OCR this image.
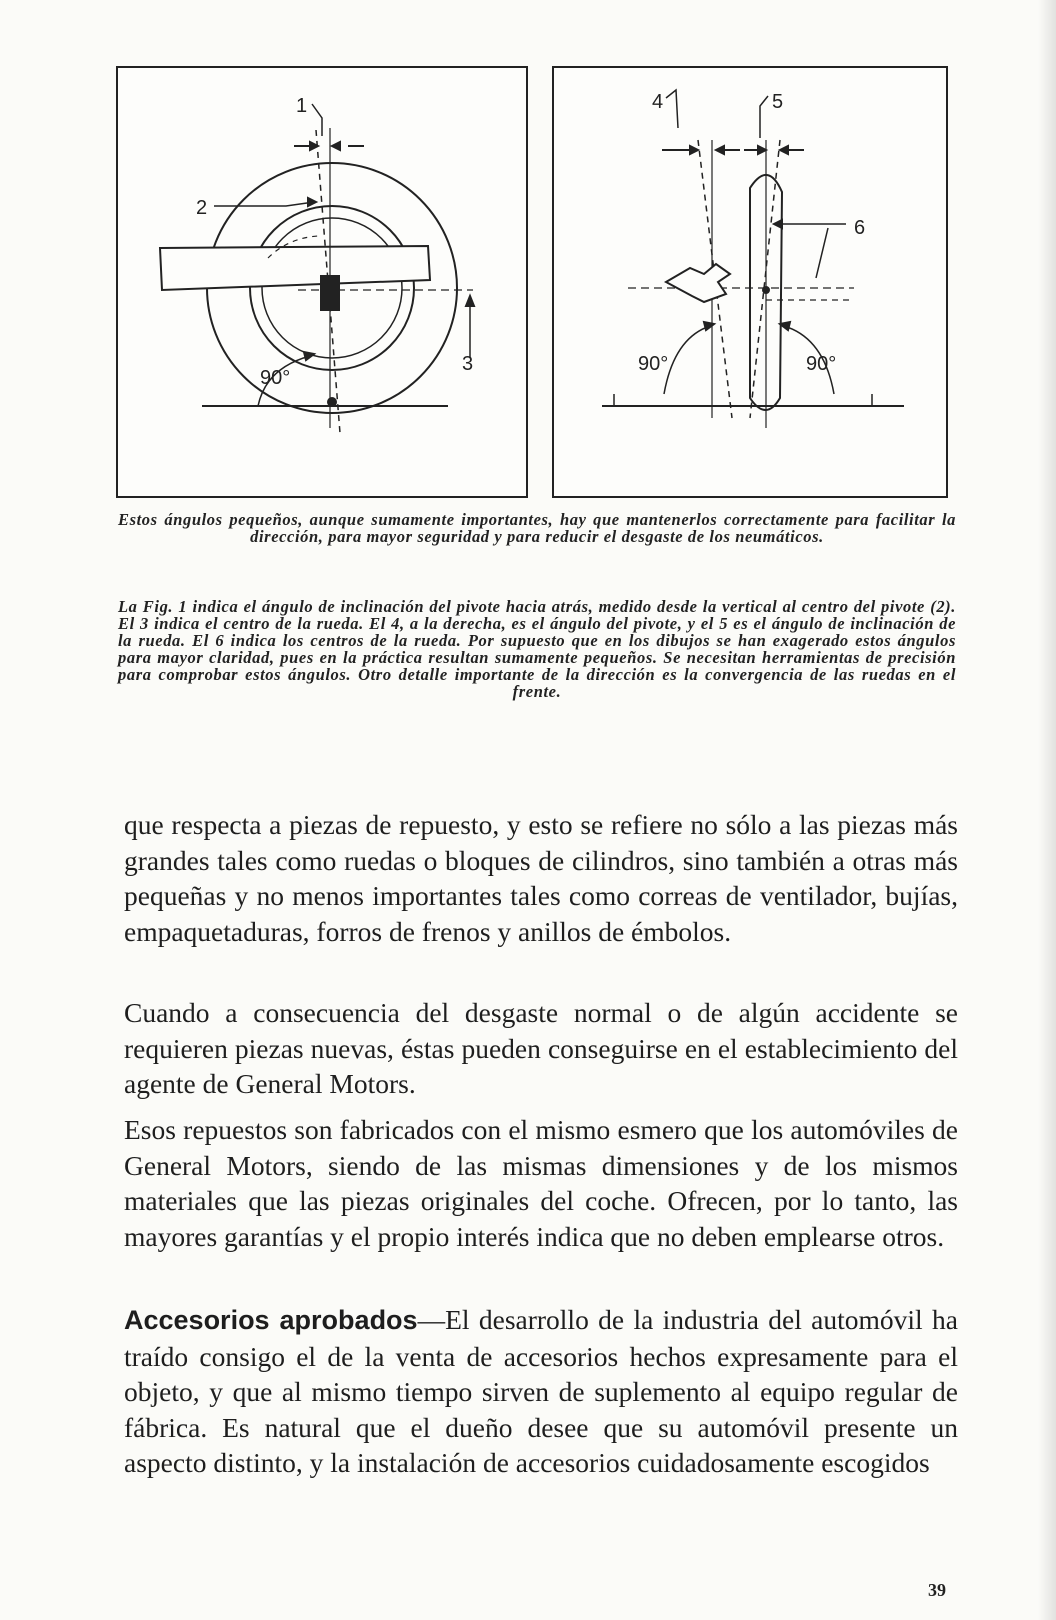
1
2
3
90°
4	5
6
90°	90°

Estos ángulos pequeños, aunque sumamente importantes, hay que mantenerlos correctamente para facilitar la dirección, para mayor seguridad y para reducir el desgaste de los neumáticos.

La Fig. 1 indica el ángulo de inclinación del pivote hacia atrás, medido desde la vertical al centro del pivote (2). El 3 indica el centro de la rueda. El 4, a la derecha, es el ángulo del pivote, y el 5 es el ángulo de inclinación de la rueda. El 6 indica los centros de la rueda. Por supuesto que en los dibujos se han exagerado estos ángulos para mayor claridad, pues en la práctica resultan sumamente pequeños. Se necesitan herramientas de precisión para comprobar estos ángulos. Otro detalle importante de la dirección es la convergencia de las ruedas en el frente.

que respecta a piezas de repuesto, y esto se refiere no sólo a las piezas más grandes tales como ruedas o bloques de cilindros, sino también a otras más pequeñas y no menos importantes tales como correas de ventilador, bujías, empaquetaduras, forros de frenos y anillos de émbolos.

Cuando a consecuencia del desgaste normal o de algún accidente se requieren piezas nuevas, éstas pueden conseguirse en el establecimiento del agente de General Motors.

Esos repuestos son fabricados con el mismo esmero que los automóviles de General Motors, siendo de las mismas dimensiones y de los mismos materiales que las piezas originales del coche. Ofrecen, por lo tanto, las mayores garantías y el propio interés indica que no deben emplearse otros.

Accesorios aprobados—El desarrollo de la industria del automóvil ha traído consigo el de la venta de accesorios hechos expresamente para el objeto, y que al mismo tiempo sirven de suplemento al equipo regular de fábrica. Es natural que el dueño desee que su automóvil presente un aspecto distinto, y la instalación de accesorios cuidadosamente escogidos

39
